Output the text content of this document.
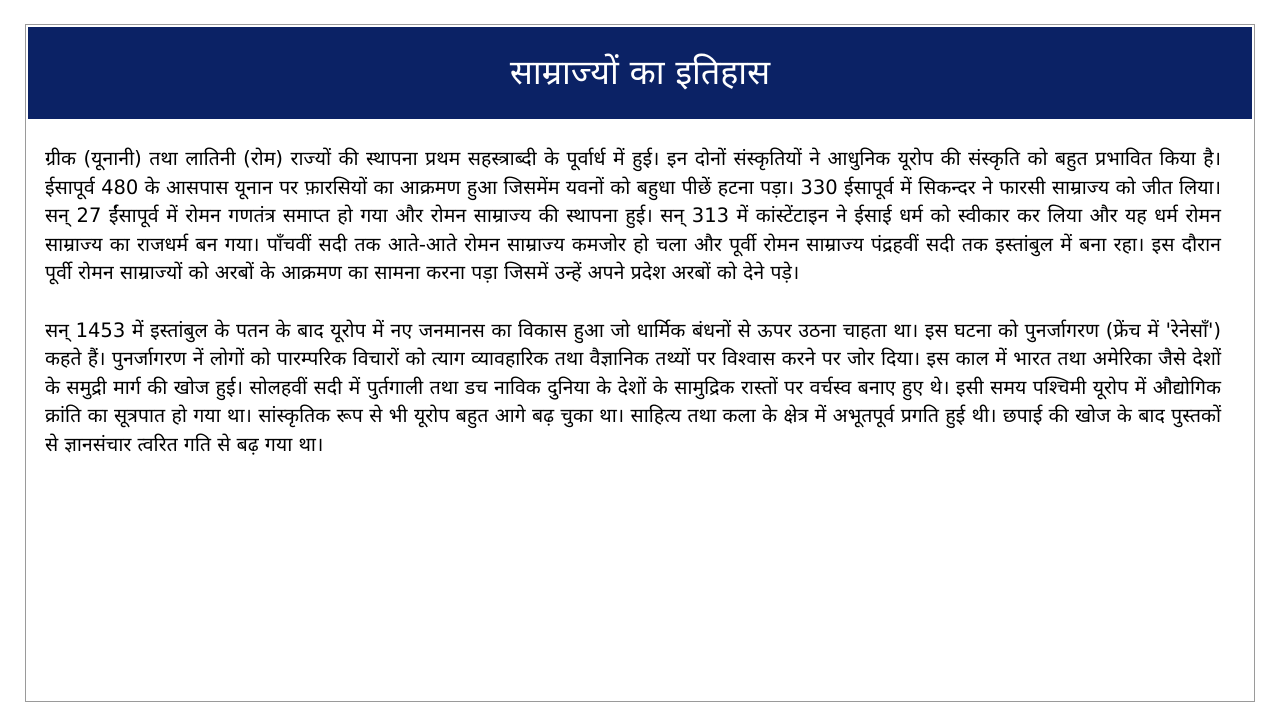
साम्राज्यों का इतिहास

ग्रीक (यूनानी) तथा लातिनी (रोम) राज्यों की स्थापना प्रथम सहस्त्राब्दी के पूर्वार्ध में हुई। इन दोनों संस्कृतियों ने आधुनिक यूरोप की संस्कृति को बहुत प्रभावित किया है। ईसापूर्व 480 के आसपास यूनान पर फ़ारसियों का आक्रमण हुआ जिसमेंम यवनों को बहुधा पीछें हटना पड़ा। 330 ईसापूर्व में सिकन्दर ने फारसी साम्राज्य को जीत लिया। सन् 27 ईंसापूर्व में रोमन गणतंत्र समाप्त हो गया और रोमन साम्राज्य की स्थापना हुई। सन् 313 में कांस्टेंटाइन ने ईसाई धर्म को स्वीकार कर लिया और यह धर्म रोमन साम्राज्य का राजधर्म बन गया। पाँचवीं सदी तक आते-आते रोमन साम्राज्य कमजोर हो चला और पूर्वी रोमन साम्राज्य पंद्रहवीं सदी तक इस्तांबुल में बना रहा। इस दौरान पूर्वी रोमन साम्राज्यों को अरबों के आक्रमण का सामना करना पड़ा जिसमें उन्हें अपने प्रदेश अरबों को देने पड़े।

सन् 1453 में इस्तांबुल के पतन के बाद यूरोप में नए जनमानस का विकास हुआ जो धार्मिक बंधनों से ऊपर उठना चाहता था। इस घटना को पुनर्जागरण (फ्रेंच में 'रेनेसाँ') कहते हैं। पुनर्जागरण नें लोगों को पारम्परिक विचारों को त्याग व्यावहारिक तथा वैज्ञानिक तथ्यों पर विश्वास करने पर जोर दिया। इस काल में भारत तथा अमेरिका जैसे देशों के समुद्री मार्ग की खोज हुई। सोलहवीं सदी में पुर्तगाली तथा डच नाविक दुनिया के देशों के सामुद्रिक रास्तों पर वर्चस्व बनाए हुए थे। इसी समय पश्चिमी यूरोप में औद्योगिक क्रांति का सूत्रपात हो गया था। सांस्कृतिक रूप से भी यूरोप बहुत आगे बढ़ चुका था। साहित्य तथा कला के क्षेत्र में अभूतपूर्व प्रगति हुई थी। छपाई की खोज के बाद पुस्तकों से ज्ञानसंचार त्वरित गति से बढ़ गया था।
